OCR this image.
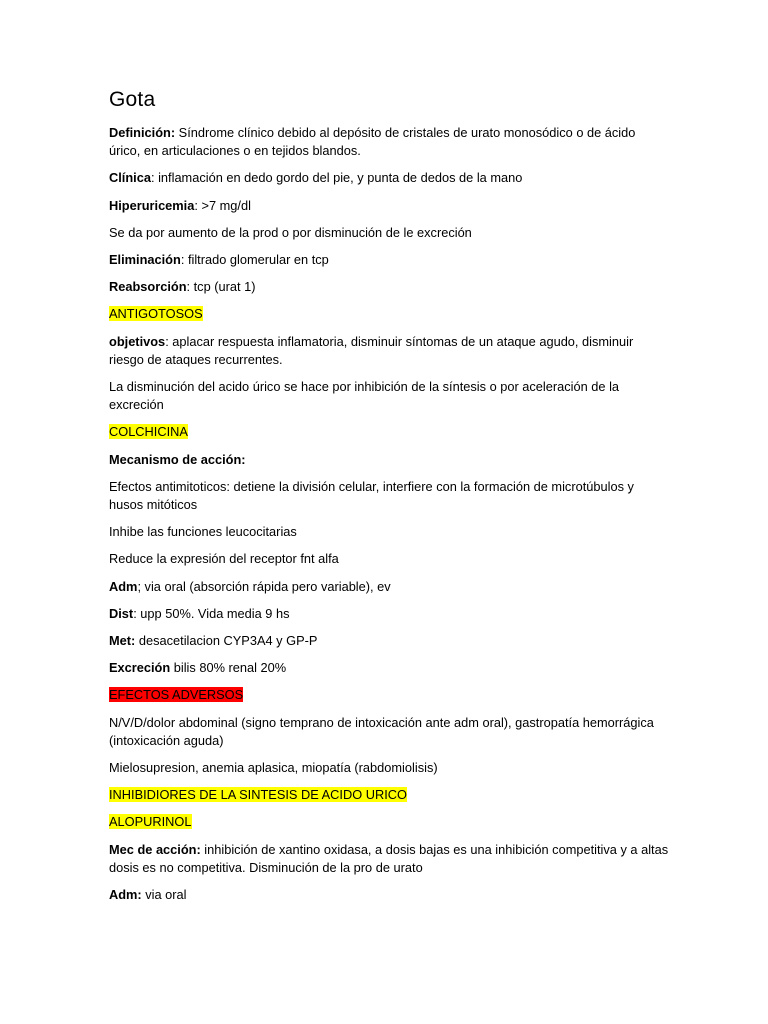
Gota

Definición: Síndrome clínico debido al depósito de cristales de urato monosódico o de ácido úrico, en articulaciones o en tejidos blandos.

Clínica: inflamación en dedo gordo del pie, y punta de dedos de la mano

Hiperuricemia: >7 mg/dl

Se da por aumento de la prod o por disminución de le excreción

Eliminación: filtrado glomerular en tcp

Reabsorción: tcp (urat 1)

ANTIGOTOSOS

objetivos: aplacar respuesta inflamatoria, disminuir síntomas de un ataque agudo, disminuir riesgo de ataques recurrentes.

La disminución del acido úrico se hace por inhibición de la síntesis o por aceleración de la excreción

COLCHICINA

Mecanismo de acción:

Efectos antimitoticos: detiene la división celular, interfiere con la formación de microtúbulos y husos mitóticos

Inhibe las funciones leucocitarias

Reduce la expresión del receptor fnt alfa

Adm; via oral (absorción rápida pero variable), ev

Dist: upp 50%. Vida media 9 hs

Met: desacetilacion CYP3A4 y GP-P

Excreción bilis 80% renal 20%

EFECTOS ADVERSOS

N/V/D/dolor abdominal (signo temprano de intoxicación ante adm oral), gastropatía hemorrágica (intoxicación aguda)

Mielosupresion, anemia aplasica, miopatía (rabdomiolisis)

INHIBIDIORES DE LA SINTESIS DE ACIDO URICO

ALOPURINOL

Mec de acción: inhibición de xantino oxidasa, a dosis bajas es una inhibición competitiva y a altas dosis es no competitiva. Disminución de la pro de urato

Adm: via oral
